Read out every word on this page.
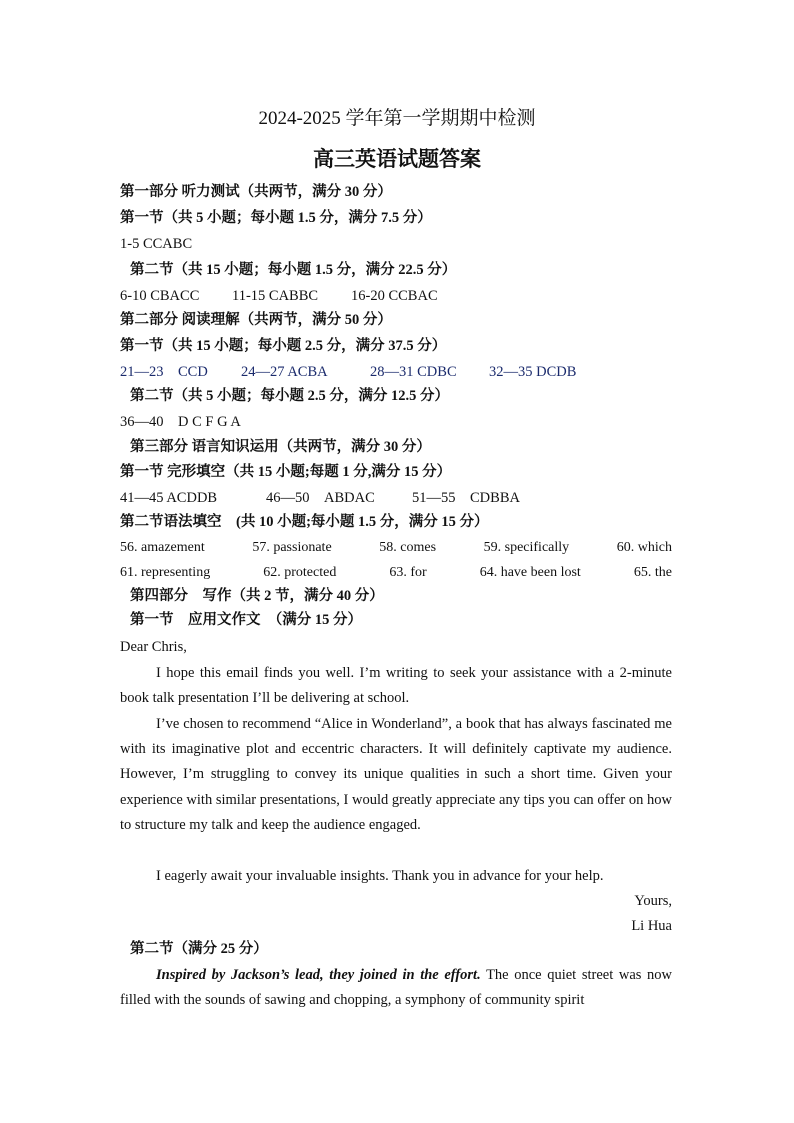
2024-2025 学年第一学期期中检测
高三英语试题答案
第一部分 听力测试（共两节，满分 30 分）
第一节（共 5 小题；每小题 1.5 分，满分 7.5 分）
1-5 CCABC
第二节（共 15 小题；每小题 1.5 分，满分 22.5 分）
6-10 CBACC 11-15 CABBC 16-20 CCBAC
第二部分 阅读理解（共两节，满分 50 分）
第一节（共 15 小题；每小题 2.5 分，满分 37.5 分）
21—23　CCD 24—27 ACBA	28—31 CDBC 32—35 DCDB
第二节（共 5 小题；每小题 2.5 分，满分 12.5 分）
36—40　D C F G A
第三部分 语言知识运用（共两节，满分 30 分）
第一节 完形填空（共 15 小题;每题 1 分,满分 15 分）
41—45 ACDDB	46—50　ABDAC	51—55　CDBBA
第二节语法填空　(共 10 小题;每小题 1.5 分，满分 15 分）
56. amazement	57. passionate	58. comes	59. specifically	60. which
61. representing	62. protected	63. for	64. have been lost	65. the
第四部分　写作（共 2 节，满分 40 分）
第一节　应用文作文　（满分 15 分）
Dear Chris,
I hope this email finds you well. I’m writing to seek your assistance with a 2-minute book talk presentation I’ll be delivering at school.
I’ve chosen to recommend “Alice in Wonderland”, a book that has always fascinated me with its imaginative plot and eccentric characters. It will definitely captivate my audience. However, I’m struggling to convey its unique qualities in such a short time. Given your experience with similar presentations, I would greatly appreciate any tips you can offer on how to structure my talk and keep the audience engaged.
I eagerly await your invaluable insights. Thank you in advance for your help.
Yours,
Li Hua
第二节（满分 25 分）
Inspired by Jackson’s lead, they joined in the effort. The once quiet street was now filled with the sounds of sawing and chopping, a symphony of community spirit
